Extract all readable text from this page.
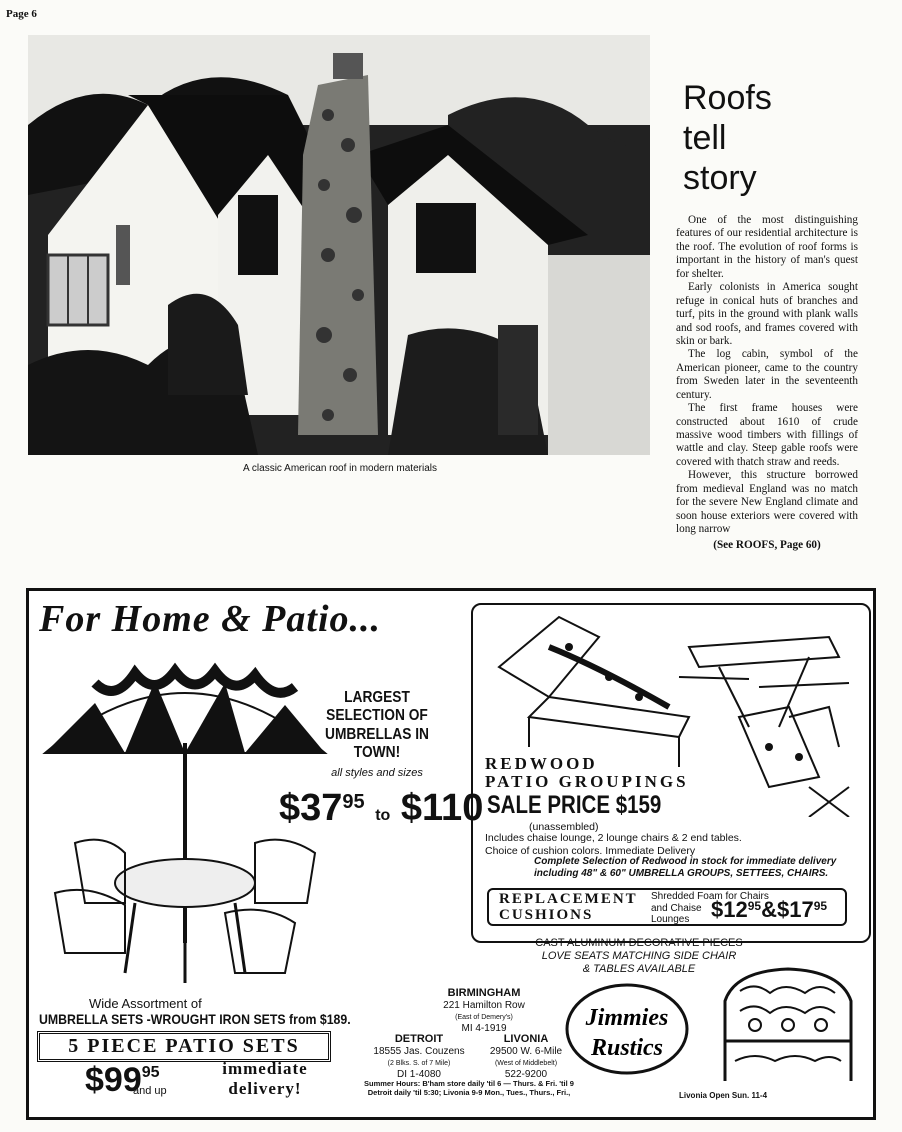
Page 6
A classic American roof in modern materials
Roofs
tell
story

One of the most distinguishing features of our residential architecture is the roof. The evolution of roof forms is important in the history of man's quest for shelter.

Early colonists in America sought refuge in conical huts of branches and turf, pits in the ground with plank walls and sod roofs, and frames covered with skin or bark.

The log cabin, symbol of the American pioneer, came to the country from Sweden later in the seventeenth century.

The first frame houses were constructed about 1610 of crude massive wood timbers with fillings of wattle and clay. Steep gable roofs were covered with thatch straw and reeds.

However, this structure borrowed from medieval England was no match for the severe New England climate and soon house exteriors were covered with long narrow

(See ROOFS, Page 60)

For Home & Patio...
LARGEST
SELECTION OF
UMBRELLAS IN
TOWN!
all styles and sizes
$\$37^{95}$ to $110
Wide Assortment of
UMBRELLA SETS -WROUGHT IRON SETS from $189.
5 PIECE PATIO SETS
$\$99^{95}$
and up
immediate
delivery!
REDWOOD
PATIO GROUPINGS
SALE PRICE $159
(unassembled)
Includes chaise lounge, 2 lounge chairs & 2 end tables.
Choice of cushion colors. Immediate Delivery
Complete Selection of Redwood in stock for immediate delivery including 48" & 60" UMBRELLA GROUPS, SETTEES, CHAIRS.
REPLACEMENT
CUSHIONS
Shredded Foam for Chairs
and Chaise
Lounges $\$12^{95}\&\$17^{95}$
CAST ALUMINUM DECORATIVE PIECES
LOVE SEATS MATCHING SIDE CHAIR
& TABLES AVAILABLE
BIRMINGHAM
221 Hamilton Row
(East of Demery's)
MI 4-1919
DETROIT
18555 Jas. Couzens
(2 Blks. S. of 7 Mile)
DI 1-4080
LIVONIA
29500 W. 6-Mile
(West of Middlebelt)
522-9200
Jimmies
Rustics
Summer Hours: B'ham store daily 'til 6 — Thurs. & Fri. 'til 9
Detroit daily 'til 5:30; Livonia 9-9 Mon., Tues., Thurs., Fri.,	Livonia Open Sun. 11-4
